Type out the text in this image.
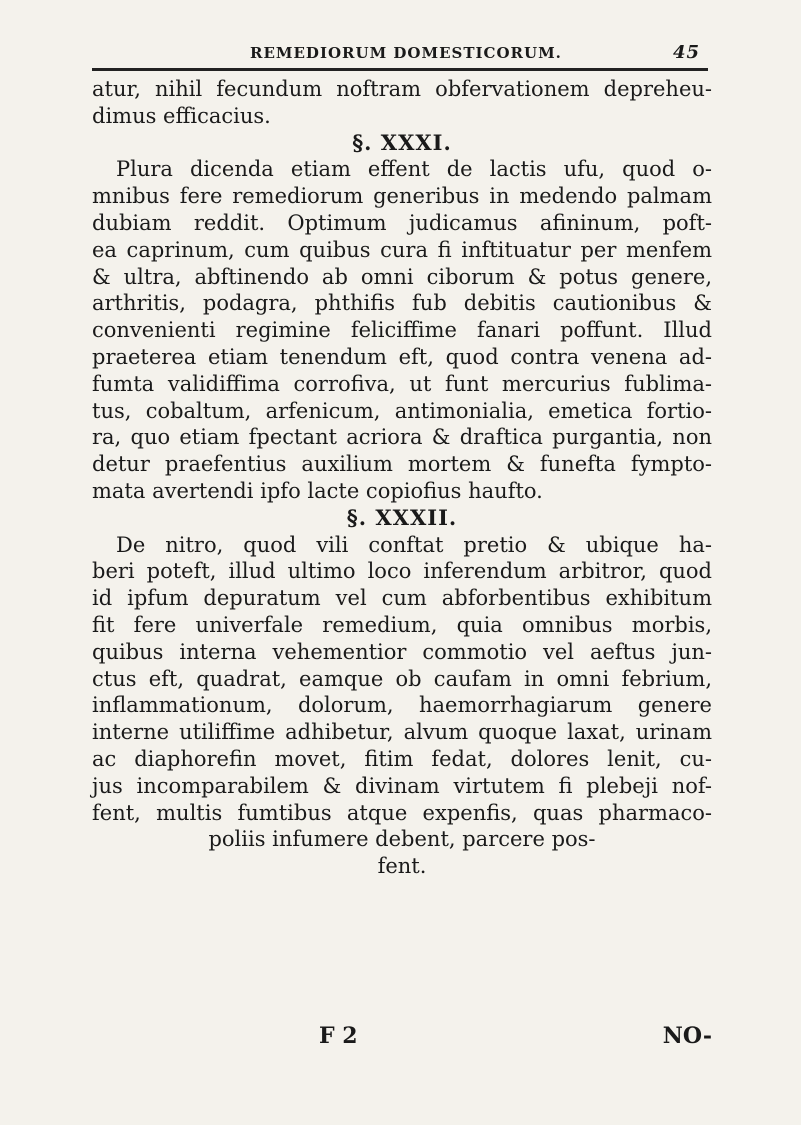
REMEDIORUM DOMESTICORUM.	45
atur, nihil fecundum noftram obfervationem depreheu-
dimus efficacius.
§. XXXI.
Plura dicenda etiam effent de lactis ufu, quod o-
mnibus fere remediorum generibus in medendo palmam
dubiam reddit. Optimum judicamus afininum, poft-
ea caprinum, cum quibus cura fi inftituatur per menfem
& ultra, abftinendo ab omni ciborum & potus genere,
arthritis, podagra, phthifis fub debitis cautionibus &
convenienti regimine feliciffime fanari poffunt. Illud
praeterea etiam tenendum eft, quod contra venena ad-
fumta validiffima corrofiva, ut funt mercurius fublima-
tus, cobaltum, arfenicum, antimonialia, emetica fortio-
ra, quo etiam fpectant acriora & draftica purgantia, non
detur praefentius auxilium mortem & funefta fympto-
mata avertendi ipfo lacte copiofius haufto.
§. XXXII.
De nitro, quod vili conftat pretio & ubique ha-
beri poteft, illud ultimo loco inferendum arbitror, quod
id ipfum depuratum vel cum abforbentibus exhibitum
fit fere univerfale remedium, quia omnibus morbis,
quibus interna vehementior commotio vel aeftus jun-
ctus eft, quadrat, eamque ob caufam in omni febrium,
inflammationum, dolorum, haemorrhagiarum genere
interne utiliffime adhibetur, alvum quoque laxat, urinam
ac diaphorefin movet, fitim fedat, dolores lenit, cu-
jus incomparabilem & divinam virtutem fi plebeji nof-
fent, multis fumtibus atque expenfis, quas pharmaco-
poliis infumere debent, parcere pos-
fent.
F 2	NO-
